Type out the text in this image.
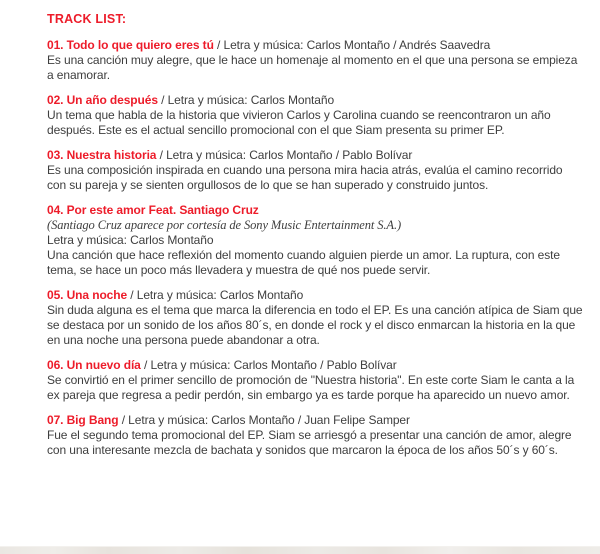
TRACK LIST:

01. Todo lo que quiero eres tú / Letra y música: Carlos Montaño / Andrés Saavedra

Es una canción muy alegre, que le hace un homenaje al momento en el que una persona se empieza a enamorar.

02. Un año después / Letra y música: Carlos Montaño

Un tema que habla de la historia que vivieron Carlos y Carolina cuando se reencontraron un año después. Este es el actual sencillo promocional con el que Siam presenta su primer EP.

03. Nuestra historia / Letra y música: Carlos Montaño / Pablo Bolívar

Es una composición inspirada en cuando una persona mira hacia atrás, evalúa el camino recorrido con su pareja y se sienten orgullosos de lo que se han superado y construido juntos.

04. Por este amor Feat. Santiago Cruz

(Santiago Cruz aparece por cortesía de Sony Music Entertainment S.A.)

Letra y música: Carlos Montaño

Una canción que hace reflexión del momento cuando alguien pierde un amor. La ruptura, con este tema, se hace un poco más llevadera y muestra de qué nos puede servir.

05. Una noche / Letra y música: Carlos Montaño

Sin duda alguna es el tema que marca la diferencia en todo el EP. Es una canción atípica de Siam que se destaca por un sonido de los años 80´s, en donde el rock y el disco enmarcan la historia en la que en una noche una persona puede abandonar a otra.

06. Un nuevo día / Letra y música: Carlos Montaño / Pablo Bolívar

Se convirtió en el primer sencillo de promoción de "Nuestra historia". En este corte Siam le canta a la ex pareja que regresa a pedir perdón, sin embargo ya es tarde porque ha aparecido un nuevo amor.

07. Big Bang / Letra y música: Carlos Montaño / Juan Felipe Samper

Fue el segundo tema promocional del EP. Siam se arriesgó a presentar una canción de amor, alegre con una interesante mezcla de bachata y sonidos que marcaron la época de los años 50´s y 60´s.
